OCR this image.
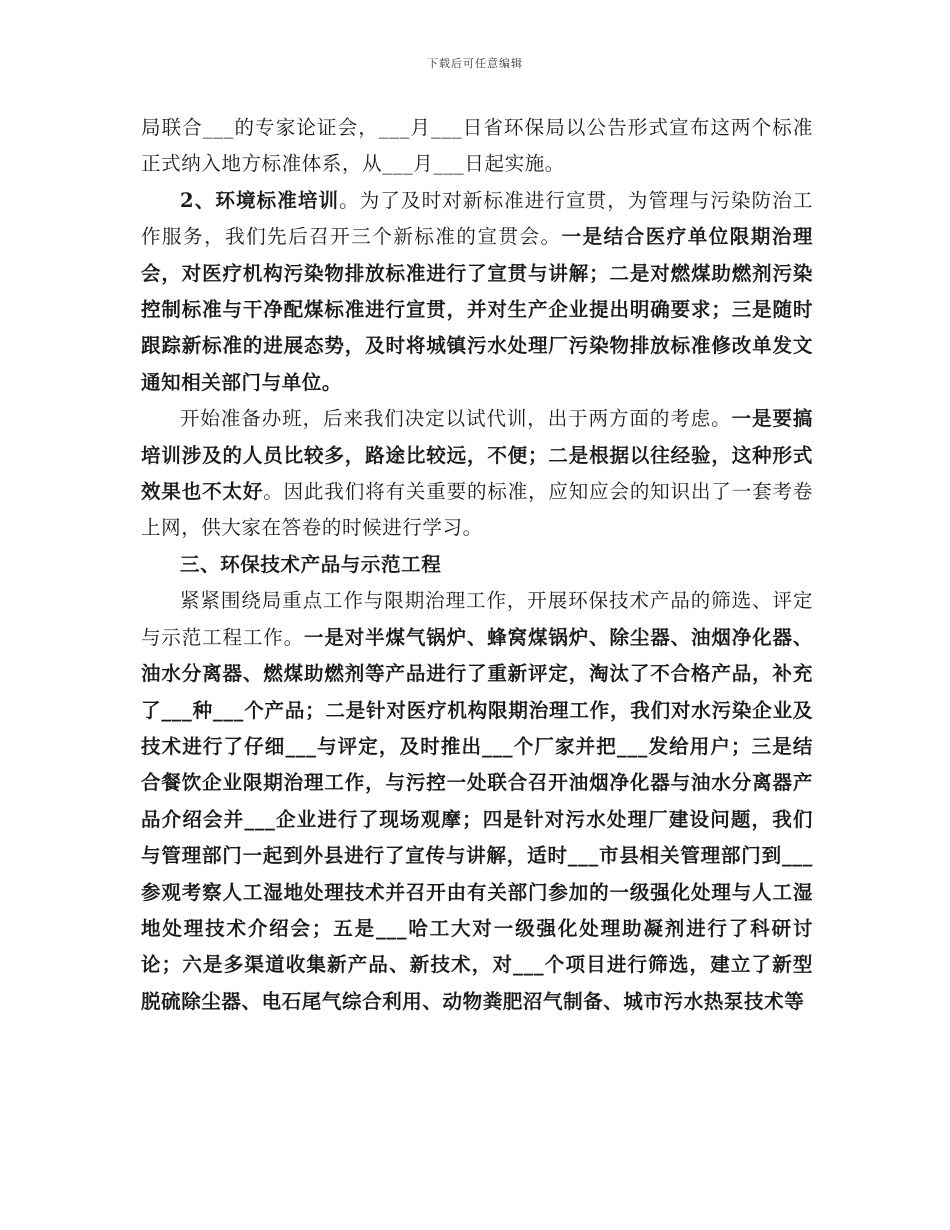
下载后可任意编辑

局联合___的专家论证会，___月___日省环保局以公告形式宣布这两个标准正式纳入地方标准体系，从___月___日起实施。

2、环境标准培训。为了及时对新标准进行宣贯，为管理与污染防治工作服务，我们先后召开三个新标准的宣贯会。一是结合医疗单位限期治理会，对医疗机构污染物排放标准进行了宣贯与讲解；二是对燃煤助燃剂污染控制标准与干净配煤标准进行宣贯，并对生产企业提出明确要求；三是随时跟踪新标准的进展态势，及时将城镇污水处理厂污染物排放标准修改单发文通知相关部门与单位。

开始准备办班，后来我们决定以试代训，出于两方面的考虑。一是要搞培训涉及的人员比较多，路途比较远，不便；二是根据以往经验，这种形式效果也不太好。因此我们将有关重要的标准，应知应会的知识出了一套考卷上网，供大家在答卷的时候进行学习。

三、环保技术产品与示范工程

紧紧围绕局重点工作与限期治理工作，开展环保技术产品的筛选、评定与示范工程工作。一是对半煤气锅炉、蜂窝煤锅炉、除尘器、油烟净化器、油水分离器、燃煤助燃剂等产品进行了重新评定，淘汰了不合格产品，补充了___种___个产品；二是针对医疗机构限期治理工作，我们对水污染企业及技术进行了仔细___与评定，及时推出___个厂家并把___发给用户；三是结合餐饮企业限期治理工作，与污控一处联合召开油烟净化器与油水分离器产品介绍会并___企业进行了现场观摩；四是针对污水处理厂建设问题，我们与管理部门一起到外县进行了宣传与讲解，适时___市县相关管理部门到___参观考察人工湿地处理技术并召开由有关部门参加的一级强化处理与人工湿地处理技术介绍会；五是___哈工大对一级强化处理助凝剂进行了科研讨论；六是多渠道收集新产品、新技术，对___个项目进行筛选，建立了新型脱硫除尘器、电石尾气综合利用、动物粪肥沼气制备、城市污水热泵技术等
